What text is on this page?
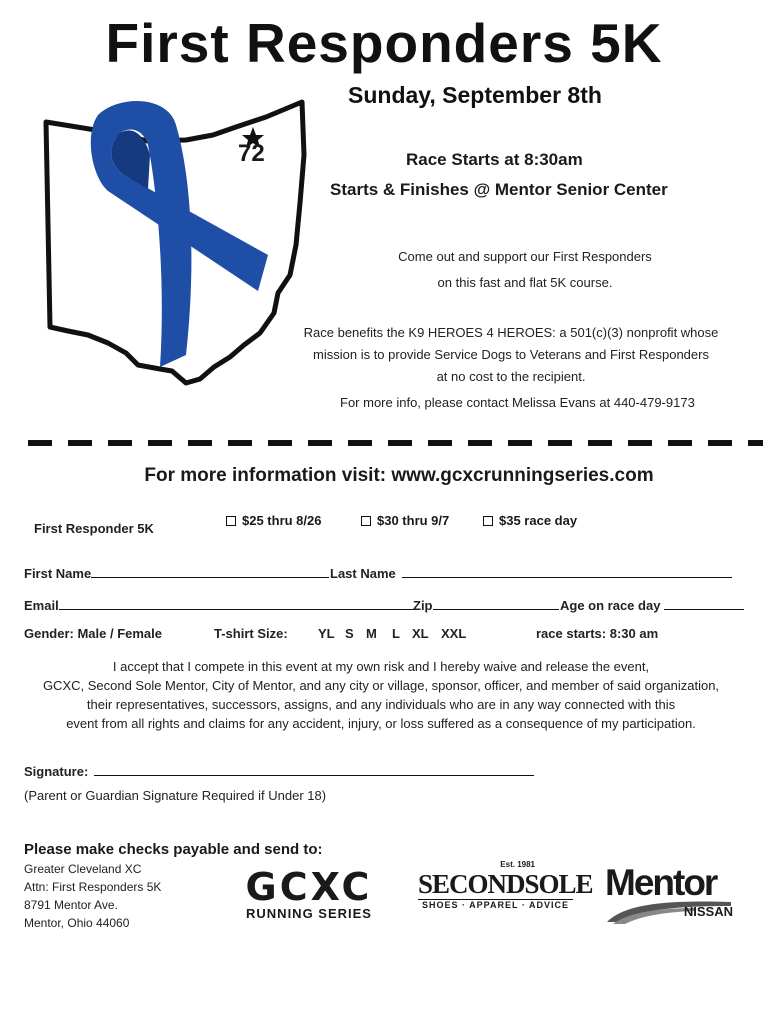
First Responders 5K
72
Sunday, September 8th
Race Starts at 8:30am
Starts & Finishes @ Mentor Senior Center
Come out and support our First Responders
on this fast and flat 5K course.
Race benefits the K9 HEROES 4 HEROES: a 501(c)(3) nonprofit whose
mission is to provide Service Dogs to Veterans and First Responders
at no cost to the recipient.
For more info, please contact Melissa Evans at 440-479-9173
For more information visit: www.gcxcrunningseries.com
First Responder 5K
$25 thru 8/26	$30 thru 9/7	$35 race day
First Name	Last Name
Email	Zip	Age on race day
Gender: Male / Female	T-shirt Size: YL S M L XL XXL	race starts: 8:30 am
I accept that I compete in this event at my own risk and I hereby waive and release the event,
GCXC, Second Sole Mentor, City of Mentor, and any city or village, sponsor, officer, and member of said organization,
their representatives, successors, assigns, and any individuals who are in any way connected with this
event from all rights and claims for any accident, injury, or loss suffered as a consequence of my participation.
Signature:
(Parent or Guardian Signature Required if Under 18)
Please make checks payable and send to:
Greater Cleveland XC
Attn: First Responders 5K
8791 Mentor Ave.
Mentor, Ohio 44060
GCXC
RUNNING SERIES
Est. 1981
SECONDSOLE
SHOES · APPAREL · ADVICE
Mentor
NISSAN
